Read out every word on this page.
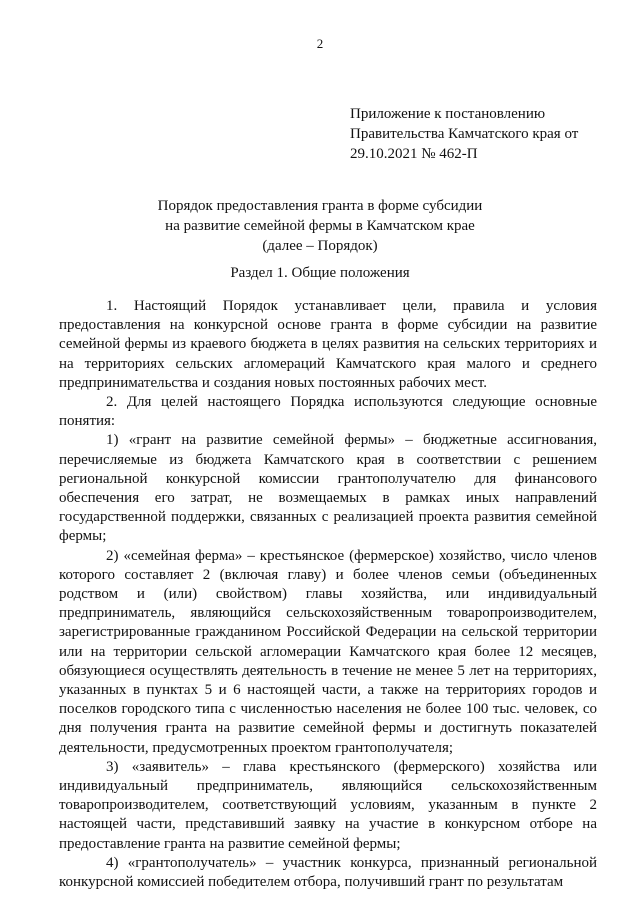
2
Приложение к постановлению
Правительства Камчатского края от
29.10.2021 № 462-П
Порядок предоставления гранта в форме субсидии
на развитие семейной фермы в Камчатском крае
(далее – Порядок)
Раздел 1. Общие положения

1. Настоящий Порядок устанавливает цели, правила и условия предоставления на конкурсной основе гранта в форме субсидии на развитие семейной фермы из краевого бюджета в целях развития на сельских территориях и на территориях сельских агломераций Камчатского края малого и среднего предпринимательства и создания новых постоянных рабочих мест.

2. Для целей настоящего Порядка используются следующие основные понятия:

1) «грант на развитие семейной фермы» – бюджетные ассигнования, перечисляемые из бюджета Камчатского края в соответствии с решением региональной конкурсной комиссии грантополучателю для финансового обеспечения его затрат, не возмещаемых в рамках иных направлений государственной поддержки, связанных с реализацией проекта развития семейной фермы;

2) «семейная ферма» – крестьянское (фермерское) хозяйство, число членов которого составляет 2 (включая главу) и более членов семьи (объединенных родством и (или) свойством) главы хозяйства, или индивидуальный предприниматель, являющийся сельскохозяйственным товаропроизводителем, зарегистрированные гражданином Российской Федерации на сельской территории или на территории сельской агломерации Камчатского края более 12 месяцев, обязующиеся осуществлять деятельность в течение не менее 5 лет на территориях, указанных в пунктах 5 и 6 настоящей части, а также на территориях городов и поселков городского типа с численностью населения не более 100 тыс. человек, со дня получения гранта на развитие семейной фермы и достигнуть показателей деятельности, предусмотренных проектом грантополучателя;

3) «заявитель» – глава крестьянского (фермерского) хозяйства или индивидуальный предприниматель, являющийся сельскохозяйственным товаропроизводителем, соответствующий условиям, указанным в пункте 2 настоящей части, представивший заявку на участие в конкурсном отборе на предоставление гранта на развитие семейной фермы;

4) «грантополучатель» – участник конкурса, признанный региональной конкурсной комиссией победителем отбора, получивший грант по результатам
